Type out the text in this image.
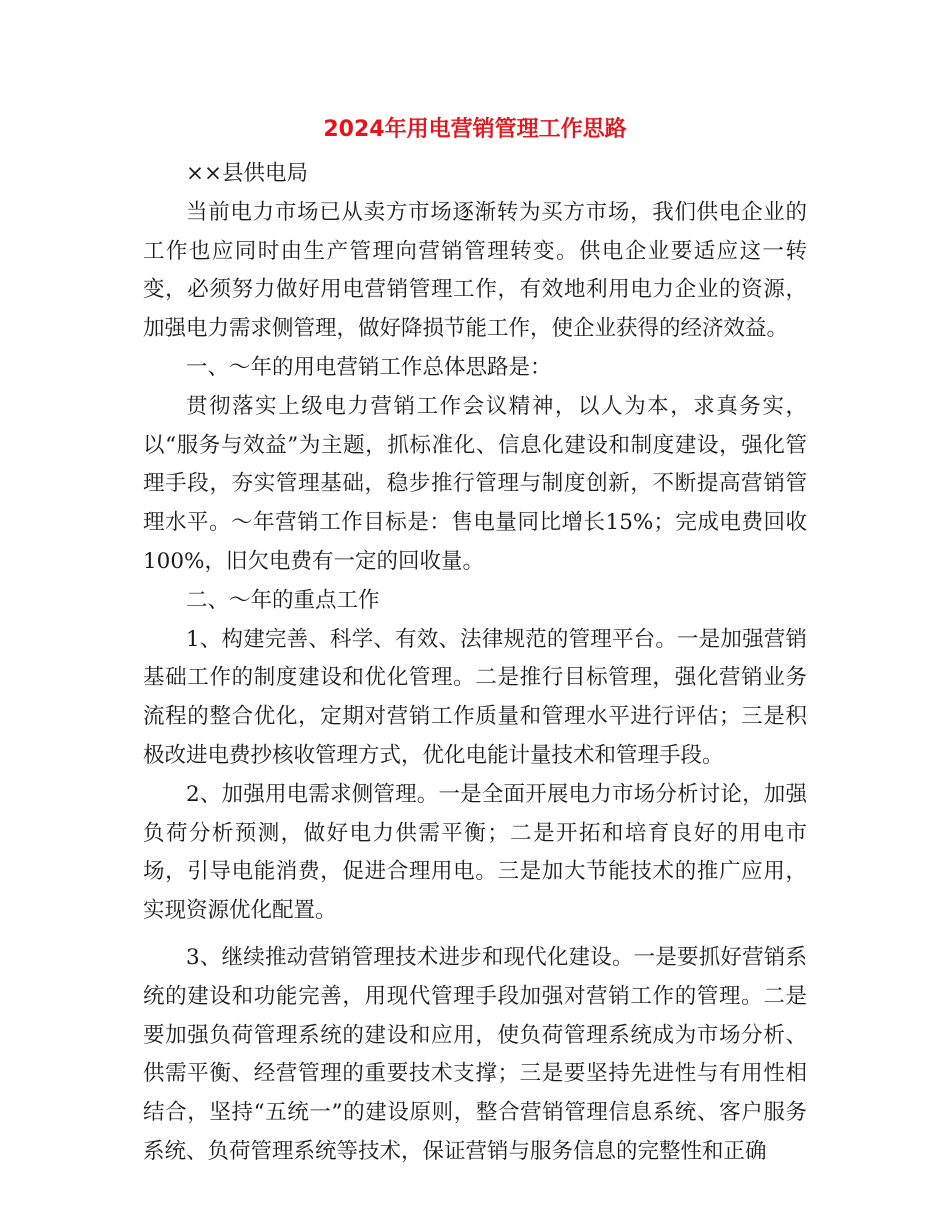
2024年用电营销管理工作思路

××县供电局

当前电力市场已从卖方市场逐渐转为买方市场，我们供电企业的工作也应同时由生产管理向营销管理转变。供电企业要适应这一转变，必须努力做好用电营销管理工作，有效地利用电力企业的资源，加强电力需求侧管理，做好降损节能工作，使企业获得的经济效益。

一、～年的用电营销工作总体思路是：

贯彻落实上级电力营销工作会议精神，以人为本，求真务实，以“服务与效益”为主题，抓标准化、信息化建设和制度建设，强化管理手段，夯实管理基础，稳步推行管理与制度创新，不断提高营销管理水平。～年营销工作目标是：售电量同比增长15%；完成电费回收100%，旧欠电费有一定的回收量。

二、～年的重点工作

1、构建完善、科学、有效、法律规范的管理平台。一是加强营销基础工作的制度建设和优化管理。二是推行目标管理，强化营销业务流程的整合优化，定期对营销工作质量和管理水平进行评估；三是积极改进电费抄核收管理方式，优化电能计量技术和管理手段。

2、加强用电需求侧管理。一是全面开展电力市场分析讨论，加强负荷分析预测，做好电力供需平衡；二是开拓和培育良好的用电市场，引导电能消费，促进合理用电。三是加大节能技术的推广应用，实现资源优化配置。

3、继续推动营销管理技术进步和现代化建设。一是要抓好营销系统的建设和功能完善，用现代管理手段加强对营销工作的管理。二是要加强负荷管理系统的建设和应用，使负荷管理系统成为市场分析、供需平衡、经营管理的重要技术支撑；三是要坚持先进性与有用性相结合，坚持“五统一”的建设原则，整合营销管理信息系统、客户服务系统、负荷管理系统等技术，保证营销与服务信息的完整性和正确
